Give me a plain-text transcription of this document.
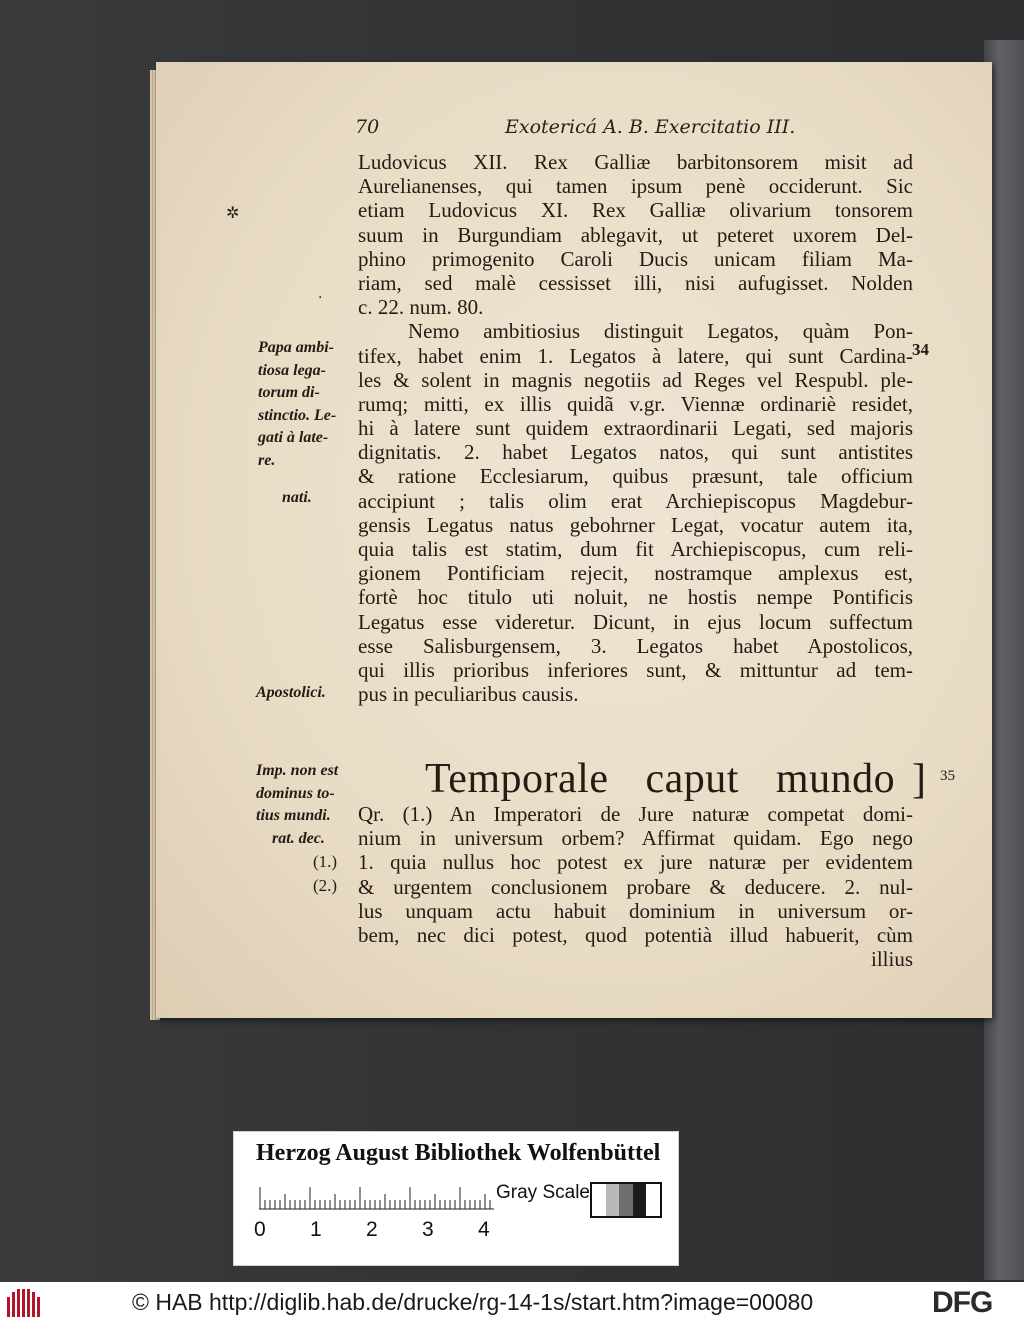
70	Exotericá A. B. Exercitatio III.
✲
·
Ludovicus XII. Rex Galliæ barbitonsorem misit ad
Aurelianenses, qui tamen ipsum penè occiderunt. Sic
etiam Ludovicus XI. Rex Galliæ olivarium tonsorem
suum in Burgundiam ablegavit, ut peteret uxorem Del-
phino primogenito Caroli Ducis unicam filiam Ma-
riam, sed malè cessisset illi, nisi aufugisset. Nolden
c. 22. num. 80.
Nemo ambitiosius distinguit Legatos, quàm Pon-
tifex, habet enim 1. Legatos à latere, qui sunt Cardina-
les & solent in magnis negotiis ad Reges vel Respubl. ple-
rumq; mitti, ex illis quidã v.gr. Viennæ ordinariè residet,
hi à latere sunt quidem extraordinarii Legati, sed majoris
dignitatis. 2. habet Legatos natos, qui sunt antistites
& ratione Ecclesiarum, quibus præsunt, tale officium
accipiunt ; talis olim erat Archiepiscopus Magdebur-
gensis Legatus natus gebohrner Legat, vocatur autem ita,
quia talis est statim, dum fit Archiepiscopus, cum reli-
gionem Pontificiam rejecit, nostramque amplexus est,
fortè hoc titulo uti noluit, ne hostis nempe Pontificis
Legatus esse videretur. Dicunt, in ejus locum suffectum
esse Salisburgensem, 3. Legatos habet Apostolicos,
qui illis prioribus inferiores sunt, & mittuntur ad tem-
pus in peculiaribus causis.
Temporale caput mundo ]
Qr. (1.) An Imperatori de Jure naturæ competat domi-
nium in universum orbem? Affirmat quidam. Ego nego
1. quia nullus hoc potest ex jure naturæ per evidentem
& urgentem conclusionem probare & deducere. 2. nul-
lus unquam actu habuit dominium in universum or-
bem, nec dici potest, quod potentià illud habuerit, cùm
illius
Papa ambi-
tiosa lega-
torum di-
stinctio. Le-
gati à late-
re.
nati.
Apostolici.
Imp. non est
dominus to-
tius mundi.
rat. dec.
(1.)
(2.)
34
35
Herzog August Bibliothek Wolfenbüttel
Gray Scale
0 1 2 3 4
© HAB http://diglib.hab.de/drucke/rg-14-1s/start.htm?image=00080	DFG
